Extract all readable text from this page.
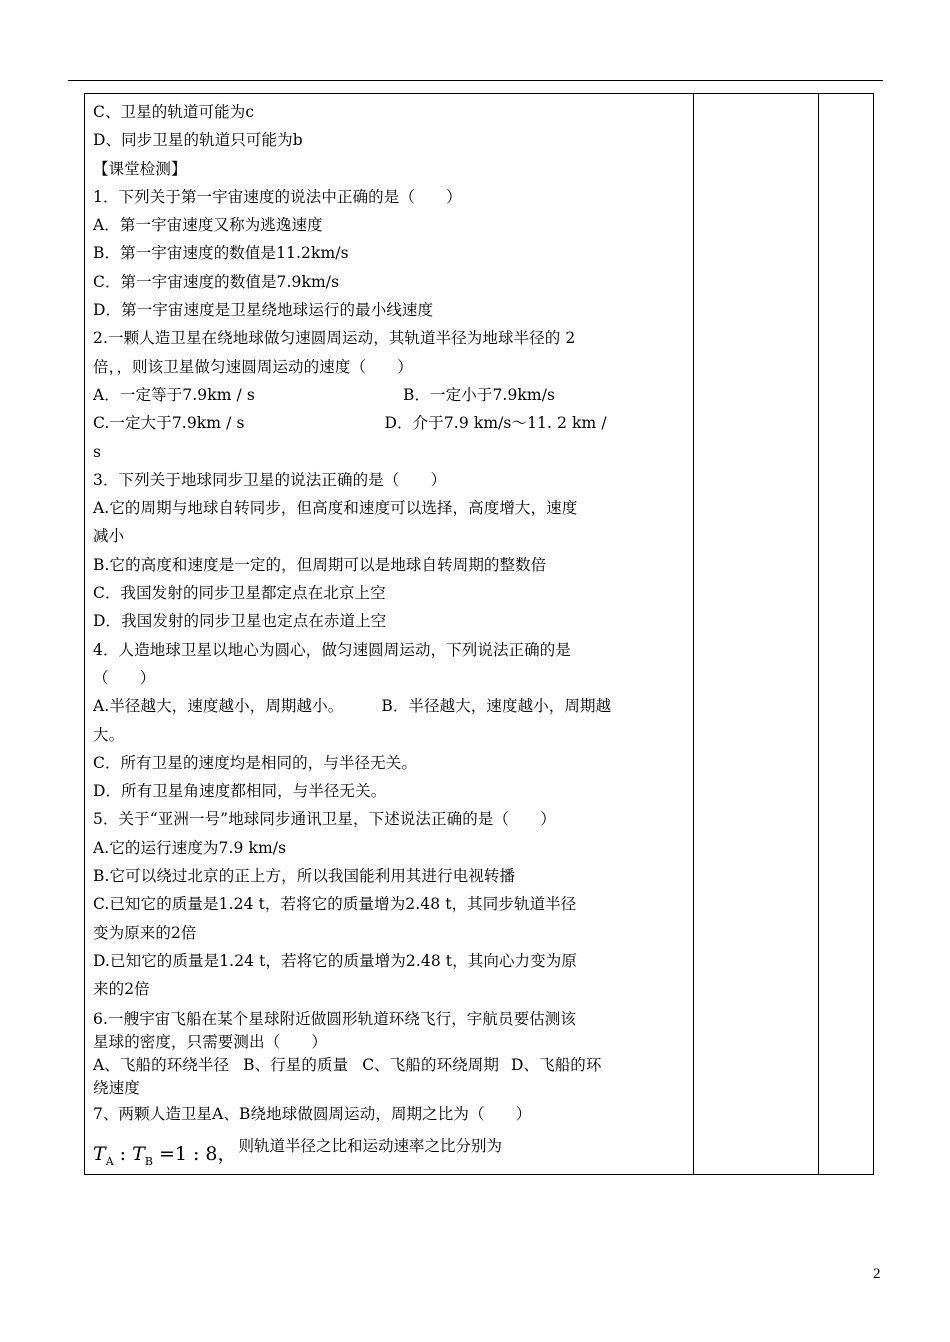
C、卫星的轨道可能为c
D、同步卫星的轨道只可能为b
【课堂检测】
1．下列关于第一宇宙速度的说法中正确的是（　　）
A．第一宇宙速度又称为逃逸速度
B．第一宇宙速度的数值是11.2km/s
C．第一宇宙速度的数值是7.9km/s
D．第一宇宙速度是卫星绕地球运行的最小线速度
2.一颗人造卫星在绕地球做匀速圆周运动，其轨道半径为地球半径的 2
倍，，则该卫星做匀速圆周运动的速度（　　）
A．一定等于7.9km / s	B．一定小于7.9km/s
C.一定大于7.9km / s	D．介于7.9 km/s～11. 2 km /
s
3．下列关于地球同步卫星的说法正确的是（　　）
A.它的周期与地球自转同步，但高度和速度可以选择，高度增大，速度
减小
B.它的高度和速度是一定的，但周期可以是地球自转周期的整数倍
C．我国发射的同步卫星都定点在北京上空
D．我国发射的同步卫星也定点在赤道上空
4．人造地球卫星以地心为圆心，做匀速圆周运动，下列说法正确的是
（　　）
A.半径越大，速度越小，周期越小。 B．半径越大，速度越小，周期越
大。
C．所有卫星的速度均是相同的，与半径无关。
D．所有卫星角速度都相同，与半径无关。
5．关于“亚洲一号”地球同步通讯卫星，下述说法正确的是（　　）
A.它的运行速度为7.9 km/s
B.它可以绕过北京的正上方，所以我国能利用其进行电视转播
C.已知它的质量是1.24 t，若将它的质量增为2.48 t，其同步轨道半径
变为原来的2倍
D.已知它的质量是1.24 t，若将它的质量增为2.48 t，其向心力变为原
来的2倍
6.一艘宇宙飞船在某个星球附近做圆形轨道环绕飞行，宇航员要估测该
星球的密度，只需要测出（　　）
A、飞船的环绕半径 B、行星的质量 C、飞船的环绕周期 D、飞船的环
绕速度
7、两颗人造卫星A、B绕地球做圆周运动，周期之比为（　　）
$T_A$ : $T_B =1$ : 8， 则轨道半径之比和运动速率之比分别为

2
